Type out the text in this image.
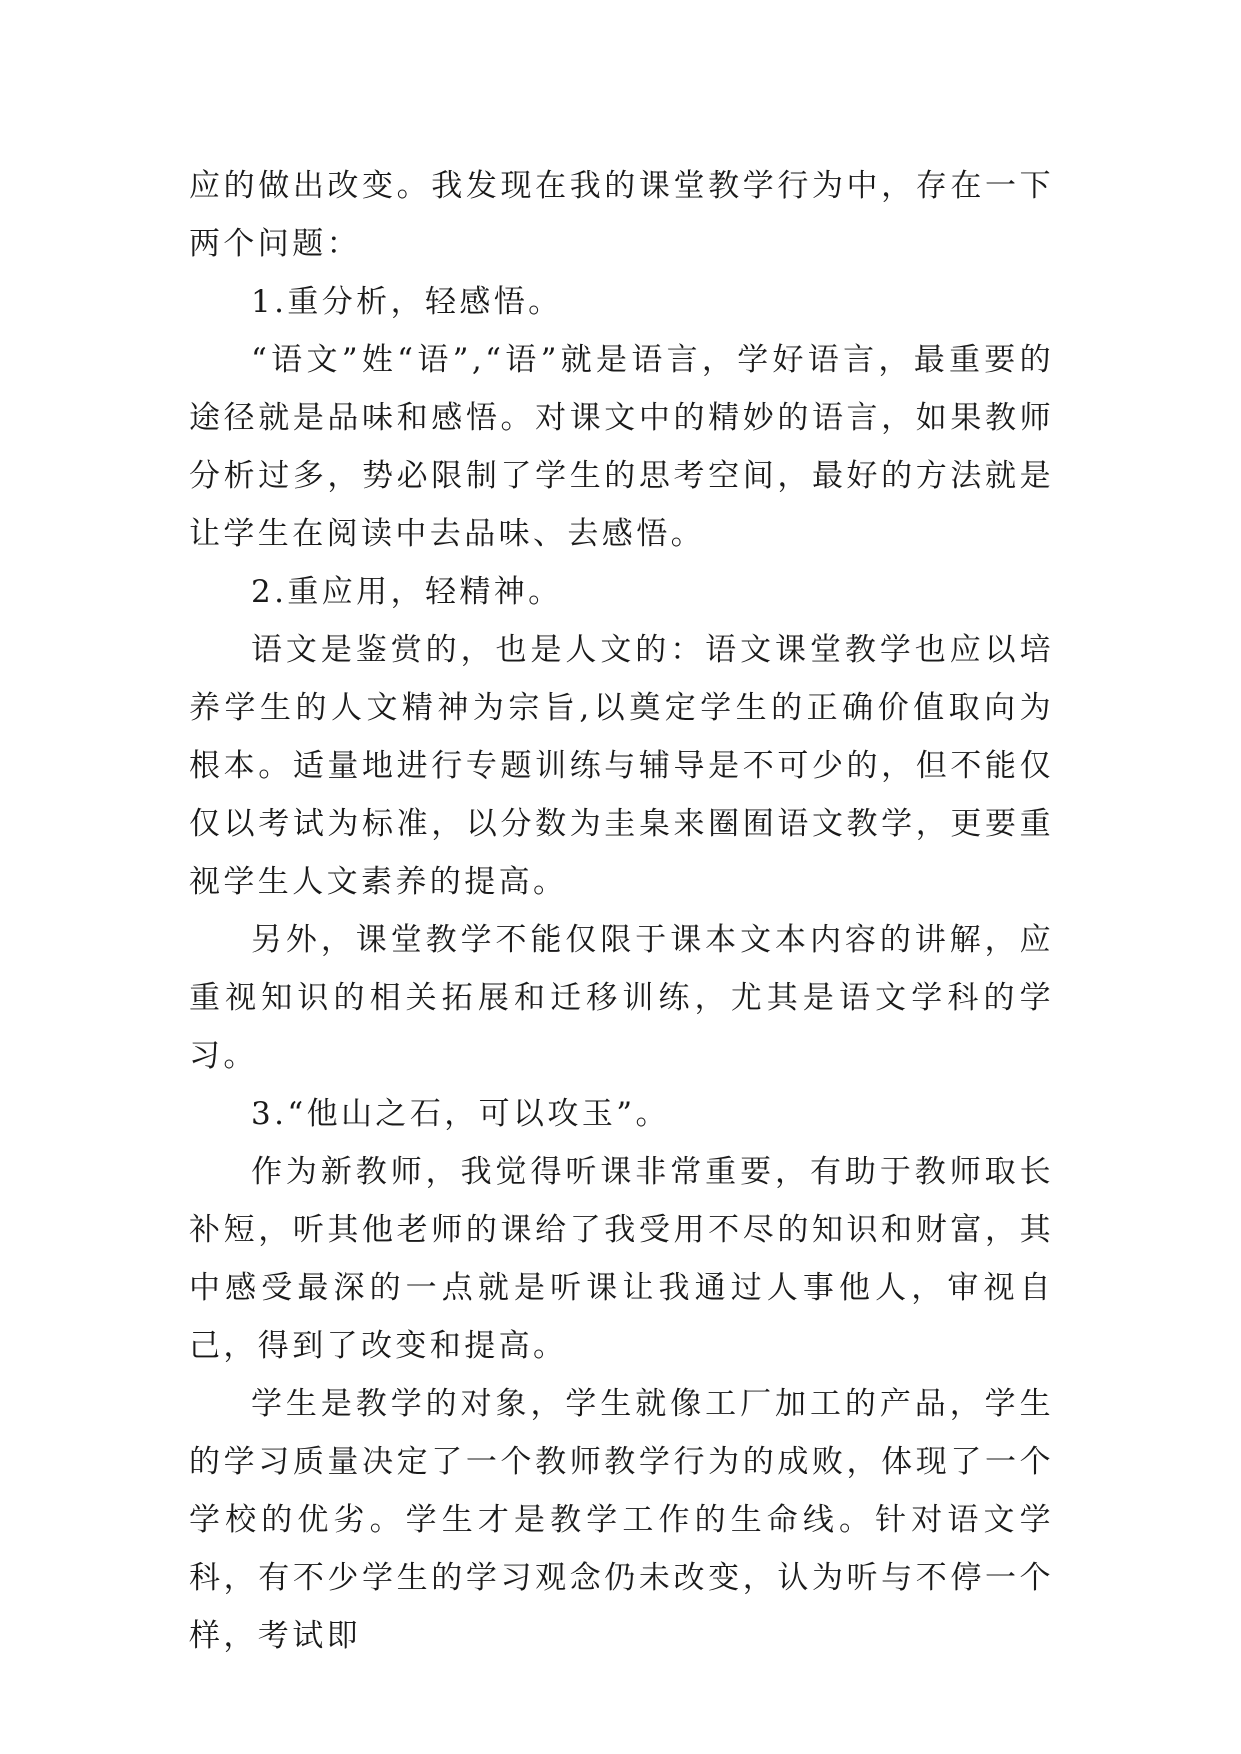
应的做出改变。我发现在我的课堂教学行为中，存在一下两个问题：

1.重分析，轻感悟。

“语文”姓“语”,“语”就是语言，学好语言，最重要的途径就是品味和感悟。对课文中的精妙的语言，如果教师分析过多，势必限制了学生的思考空间，最好的方法就是让学生在阅读中去品味、去感悟。

2.重应用，轻精神。

语文是鉴赏的，也是人文的：语文课堂教学也应以培养学生的人文精神为宗旨,以奠定学生的正确价值取向为根本。适量地进行专题训练与辅导是不可少的，但不能仅仅以考试为标准，以分数为圭臬来圈囿语文教学，更要重视学生人文素养的提高。

另外，课堂教学不能仅限于课本文本内容的讲解，应重视知识的相关拓展和迁移训练，尤其是语文学科的学习。

3.“他山之石，可以攻玉”。

作为新教师，我觉得听课非常重要，有助于教师取长补短，听其他老师的课给了我受用不尽的知识和财富，其中感受最深的一点就是听课让我通过人事他人，审视自己，得到了改变和提高。

学生是教学的对象，学生就像工厂加工的产品，学生的学习质量决定了一个教师教学行为的成败，体现了一个学校的优劣。学生才是教学工作的生命线。针对语文学科，有不少学生的学习观念仍未改变，认为听与不停一个样，考试即
